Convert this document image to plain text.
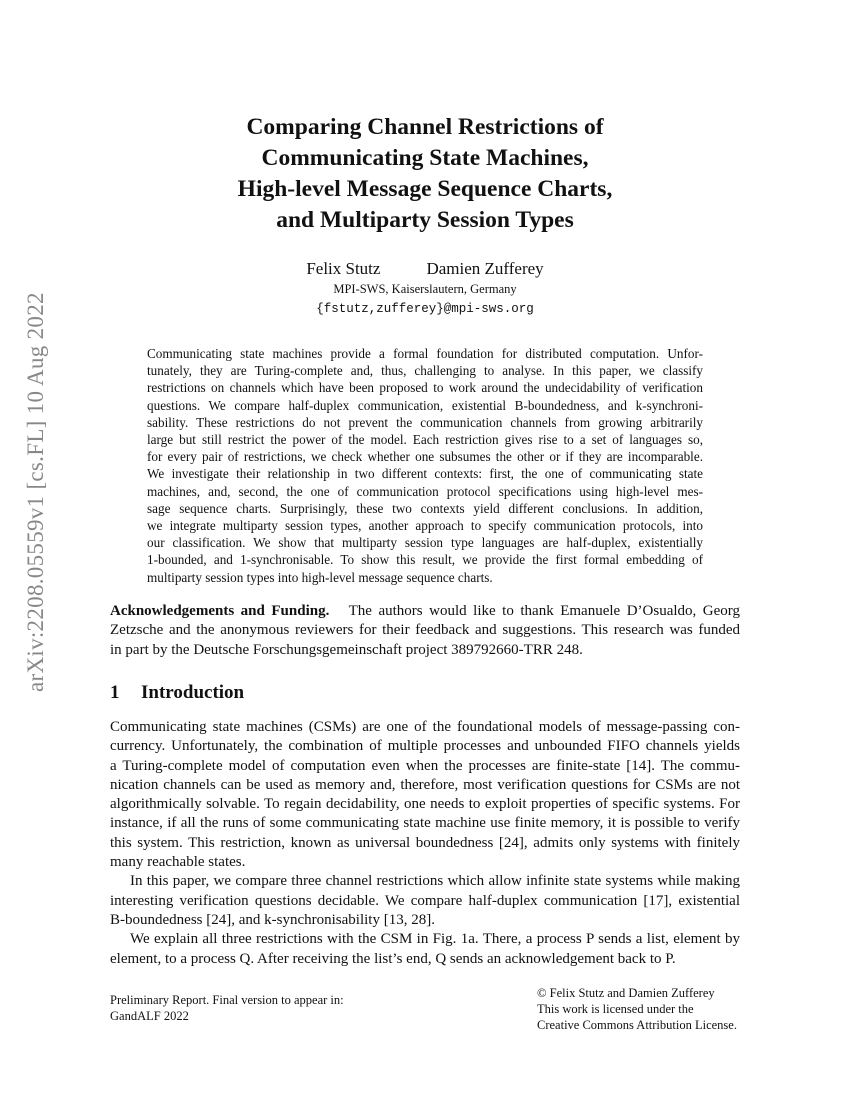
arXiv:2208.05559v1 [cs.FL] 10 Aug 2022
Comparing Channel Restrictions of
Communicating State Machines,
High-level Message Sequence Charts,
and Multiparty Session Types
Felix Stutz	Damien Zufferey
MPI-SWS, Kaiserslautern, Germany
{fstutz,zufferey}@mpi-sws.org
Communicating state machines provide a formal foundation for distributed computation. Unfor-
tunately, they are Turing-complete and, thus, challenging to analyse. In this paper, we classify
restrictions on channels which have been proposed to work around the undecidability of verification
questions. We compare half-duplex communication, existential B-boundedness, and k-synchroni-
sability. These restrictions do not prevent the communication channels from growing arbitrarily
large but still restrict the power of the model. Each restriction gives rise to a set of languages so,
for every pair of restrictions, we check whether one subsumes the other or if they are incomparable.
We investigate their relationship in two different contexts: first, the one of communicating state
machines, and, second, the one of communication protocol specifications using high-level mes-
sage sequence charts. Surprisingly, these two contexts yield different conclusions. In addition,
we integrate multiparty session types, another approach to specify communication protocols, into
our classification. We show that multiparty session type languages are half-duplex, existentially
1-bounded, and 1-synchronisable. To show this result, we provide the first formal embedding of
multiparty session types into high-level message sequence charts.
Acknowledgements and Funding. The authors would like to thank Emanuele D’Osualdo, Georg
Zetzsche and the anonymous reviewers for their feedback and suggestions. This research was funded
in part by the Deutsche Forschungsgemeinschaft project 389792660-TRR 248.
1 Introduction
Communicating state machines (CSMs) are one of the foundational models of message-passing con-
currency. Unfortunately, the combination of multiple processes and unbounded FIFO channels yields
a Turing-complete model of computation even when the processes are finite-state [14]. The commu-
nication channels can be used as memory and, therefore, most verification questions for CSMs are not
algorithmically solvable. To regain decidability, one needs to exploit properties of specific systems. For
instance, if all the runs of some communicating state machine use finite memory, it is possible to verify
this system. This restriction, known as universal boundedness [24], admits only systems with finitely
many reachable states.
In this paper, we compare three channel restrictions which allow infinite state systems while making
interesting verification questions decidable. We compare half-duplex communication [17], existential
B-boundedness [24], and k-synchronisability [13, 28].
We explain all three restrictions with the CSM in Fig. 1a. There, a process P sends a list, element by
element, to a process Q. After receiving the list’s end, Q sends an acknowledgement back to P.
Preliminary Report. Final version to appear in:
GandALF 2022
© Felix Stutz and Damien Zufferey
This work is licensed under the
Creative Commons Attribution License.
